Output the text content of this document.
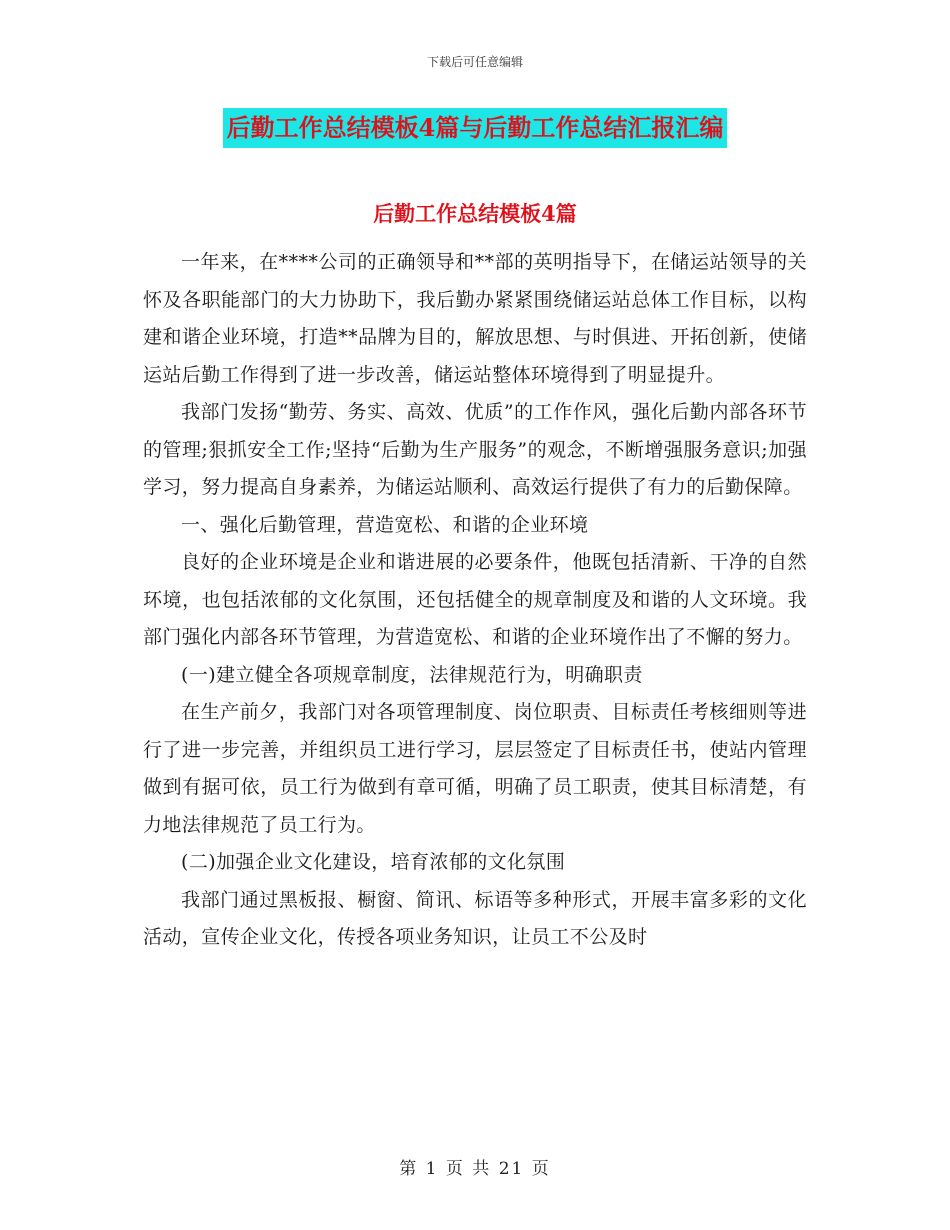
下载后可任意编辑
后勤工作总结模板4篇与后勤工作总结汇报汇编
后勤工作总结模板4篇

一年来，在****公司的正确领导和**部的英明指导下，在储运站领导的关怀及各职能部门的大力协助下，我后勤办紧紧围绕储运站总体工作目标，以构建和谐企业环境，打造**品牌为目的，解放思想、与时俱进、开拓创新，使储运站后勤工作得到了进一步改善，储运站整体环境得到了明显提升。

我部门发扬“勤劳、务实、高效、优质”的工作作风，强化后勤内部各环节的管理;狠抓安全工作;坚持“后勤为生产服务”的观念，不断增强服务意识;加强学习，努力提高自身素养，为储运站顺利、高效运行提供了有力的后勤保障。

一、强化后勤管理，营造宽松、和谐的企业环境

良好的企业环境是企业和谐进展的必要条件，他既包括清新、干净的自然环境，也包括浓郁的文化氛围，还包括健全的规章制度及和谐的人文环境。我部门强化内部各环节管理，为营造宽松、和谐的企业环境作出了不懈的努力。

(一)建立健全各项规章制度，法律规范行为，明确职责

在生产前夕，我部门对各项管理制度、岗位职责、目标责任考核细则等进行了进一步完善，并组织员工进行学习，层层签定了目标责任书，使站内管理做到有据可依，员工行为做到有章可循，明确了员工职责，使其目标清楚，有力地法律规范了员工行为。

(二)加强企业文化建设，培育浓郁的文化氛围

我部门通过黑板报、橱窗、简讯、标语等多种形式，开展丰富多彩的文化活动，宣传企业文化，传授各项业务知识，让员工不公及时

第 1 页 共 21 页
